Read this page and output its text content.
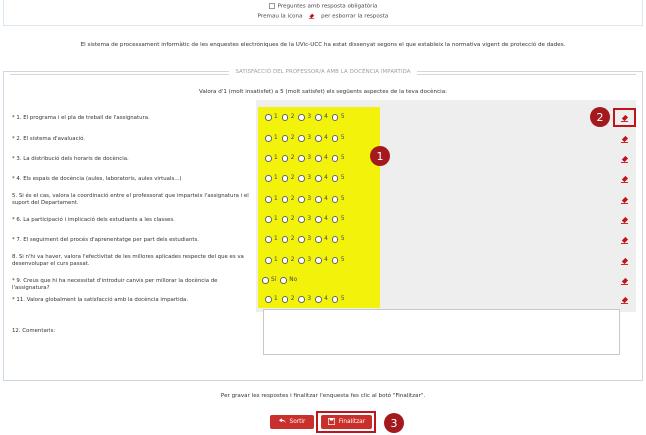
Preguntes amb resposta obligatòria
Premau la icona	per esborrar la resposta
El sistema de processament informàtic de les enquestes electròniques de la UVic-UCC ha estat dissenyat segons el que estableix la normativa vigent de protecció de dades.
SATISFACCIÓ DEL PROFESSOR/A AMB LA DOCÈNCIA IMPARTIDA
Valora d'1 (molt insatisfet) a 5 (molt satisfet) els següents aspectes de la teva docència:
* 1. El programa i el pla de treball de l'assignatura.
* 2. El sistema d'avaluació.
* 3. La distribució dels horaris de docència.
* 4. Els espais de docència (aules, laboratoris, aules virtuals...)
5. Si és el cas, valora la coordinació entre el professorat que imparteix l'assignatura i el suport del Departament.
* 6. La participació i implicació dels estudiants a les classes.
* 7. El seguiment del procés d'aprenentatge per part dels estudiants.
8. Si n'hi va haver, valora l'efectivitat de les millores aplicades respecte del que es va desenvolupar el curs passat.
* 9. Creus que hi ha necessitat d'introduir canvis per millorar la docència de l'assignatura?
* 11. Valora globalment la satisfacció amb la docència impartida.
1 2 3 4 5
1 2 3 4 5
1 2 3 4 5
1 2 3 4 5
1 2 3 4 5
1 2 3 4 5
1 2 3 4 5
1 2 3 4 5
Sí No
1 2 3 4 5
12. Comentaris:
1
2
3
Per gravar les respostes i finalitzar l'enquesta fes clic al botó "Finalitzar".
Sortir	Finalitzar
